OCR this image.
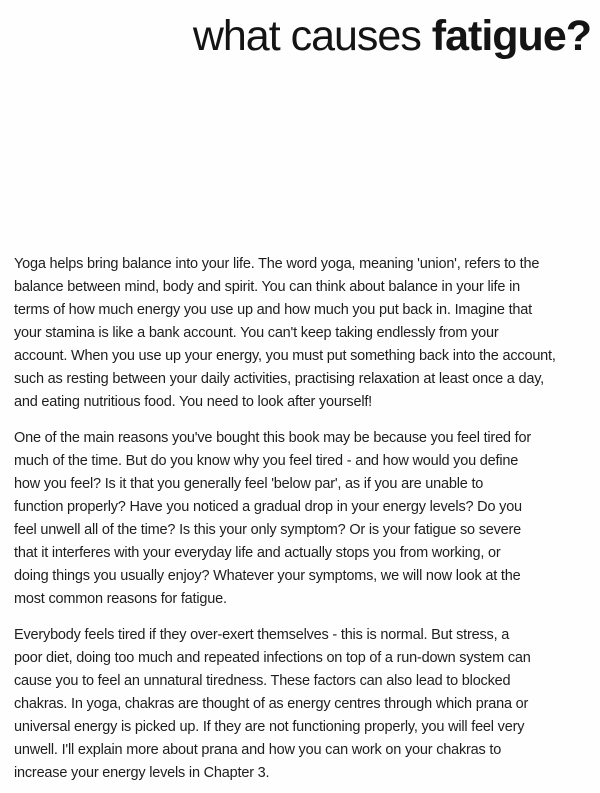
what causes fatigue?

Yoga helps bring balance into your life. The word yoga, meaning 'union', refers to the
balance between mind, body and spirit. You can think about balance in your life in
terms of how much energy you use up and how much you put back in. Imagine that
your stamina is like a bank account. You can't keep taking endlessly from your
account. When you use up your energy, you must put something back into the account,
such as resting between your daily activities, practising relaxation at least once a day,
and eating nutritious food. You need to look after yourself!

One of the main reasons you've bought this book may be because you feel tired for
much of the time. But do you know why you feel tired - and how would you define
how you feel? Is it that you generally feel 'below par', as if you are unable to
function properly? Have you noticed a gradual drop in your energy levels? Do you
feel unwell all of the time? Is this your only symptom? Or is your fatigue so severe
that it interferes with your everyday life and actually stops you from working, or
doing things you usually enjoy? Whatever your symptoms, we will now look at the
most common reasons for fatigue.

Everybody feels tired if they over-exert themselves - this is normal. But stress, a
poor diet, doing too much and repeated infections on top of a run-down system can
cause you to feel an unnatural tiredness. These factors can also lead to blocked
chakras. In yoga, chakras are thought of as energy centres through which prana or
universal energy is picked up. If they are not functioning properly, you will feel very
unwell. I'll explain more about prana and how you can work on your chakras to
increase your energy levels in Chapter 3.
